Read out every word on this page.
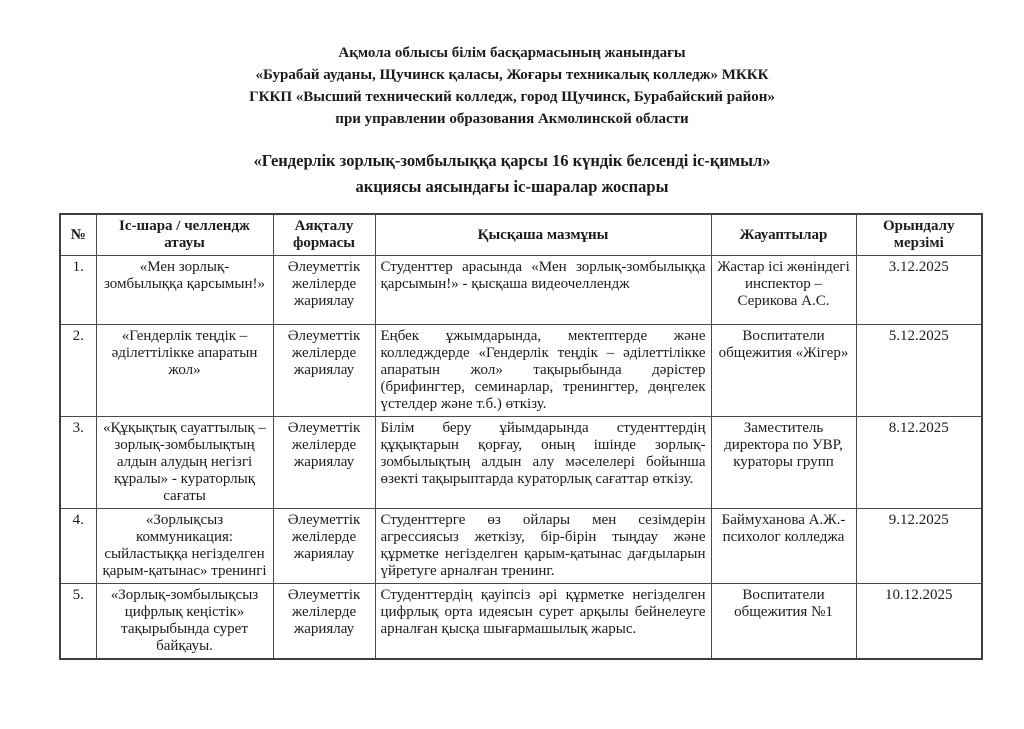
Ақмола облысы білім басқармасының жанындағы
«Бурабай ауданы, Щучинск қаласы, Жоғары техникалық колледж» МККК
ГККП «Высший технический колледж, город Щучинск, Бурабайский район»
при управлении образования Акмолинской области
«Гендерлік зорлық-зомбылыққа қарсы 16 күндік белсенді іс-қимыл»
акциясы аясындағы іс-шаралар жоспары
№	Іс-шара / челлендж атауы	Аяқталу формасы	Қысқаша мазмұны	Жауаптылар	Орындалу мерзімі
1.	«Мен зорлық-зомбылыққа қарсымын!»	Әлеуметтік желілерде жариялау	Студенттер арасында «Мен зорлық-зомбылыққа қарсымын!» - қысқаша видеочеллендж	Жастар ісі жөніндегі инспектор – Серикова А.С.	3.12.2025
2.	«Гендерлік теңдік – әділеттілікке апаратын жол»	Әлеуметтік желілерде жариялау	Еңбек ұжымдарында, мектептерде және колледждерде «Гендерлік теңдік – әділеттілікке апаратын жол» тақырыбында дәрістер (брифингтер, семинарлар, тренингтер, дөңгелек үстелдер және т.б.) өткізу.	Воспитатели общежития «Жігер»	5.12.2025
3.	«Құқықтық сауаттылық – зорлық-зомбылықтың алдын алудың негізгі құралы» - кураторлық сағаты	Әлеуметтік желілерде жариялау	Білім беру ұйымдарында студенттердің құқықтарын қорғау, оның ішінде зорлық-зомбылықтың алдын алу мәселелері бойынша өзекті тақырыптарда кураторлық сағаттар өткізу.	Заместитель директора по УВР, кураторы групп	8.12.2025
4.	«Зорлықсыз коммуникация: сыйластыққа негізделген қарым-қатынас» тренингі	Әлеуметтік желілерде жариялау	Студенттерге өз ойлары мен сезімдерін агрессиясыз жеткізу, бір-бірін тыңдау және құрметке негізделген қарым-қатынас дағдыларын үйретуге арналған тренинг.	Баймуханова А.Ж.- психолог колледжа	9.12.2025
5.	«Зорлық-зомбылықсыз цифрлық кеңістік» тақырыбында сурет байқауы.	Әлеуметтік желілерде жариялау	Студенттердің қауіпсіз әрі құрметке негізделген цифрлық орта идеясын сурет арқылы бейнелеуге арналған қысқа шығармашылық жарыс.	Воспитатели общежития №1	10.12.2025
